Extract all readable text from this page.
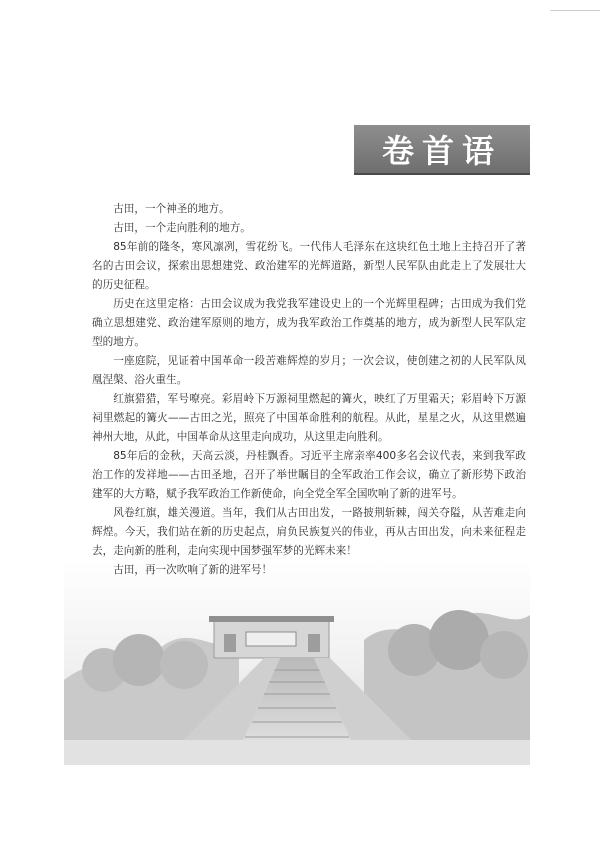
卷首语

古田，一个神圣的地方。

古田，一个走向胜利的地方。

85年前的隆冬，寒风凛冽，雪花纷飞。一代伟人毛泽东在这块红色土地上主持召开了著名的古田会议，探索出思想建党、政治建军的光辉道路，新型人民军队由此走上了发展壮大的历史征程。

历史在这里定格：古田会议成为我党我军建设史上的一个光辉里程碑；古田成为我们党确立思想建党、政治建军原则的地方，成为我军政治工作奠基的地方，成为新型人民军队定型的地方。

一座庭院，见证着中国革命一段苦难辉煌的岁月；一次会议，使创建之初的人民军队凤凰涅槃、浴火重生。

红旗猎猎，军号嘹亮。彩眉岭下万源祠里燃起的篝火，映红了万里霜天；彩眉岭下万源祠里燃起的篝火——古田之光，照亮了中国革命胜利的航程。从此，星星之火，从这里燃遍神州大地，从此，中国革命从这里走向成功，从这里走向胜利。

85年后的金秋，天高云淡，丹桂飘香。习近平主席亲率400多名会议代表，来到我军政治工作的发祥地——古田圣地，召开了举世瞩目的全军政治工作会议，确立了新形势下政治建军的大方略，赋予我军政治工作新使命，向全党全军全国吹响了新的进军号。

风卷红旗，雄关漫道。当年，我们从古田出发，一路披荆斩棘，闯关夺隘，从苦难走向辉煌。今天，我们站在新的历史起点，肩负民族复兴的伟业，再从古田出发，向未来征程走去，走向新的胜利，走向实现中国梦强军梦的光辉未来！

古田，再一次吹响了新的进军号！
